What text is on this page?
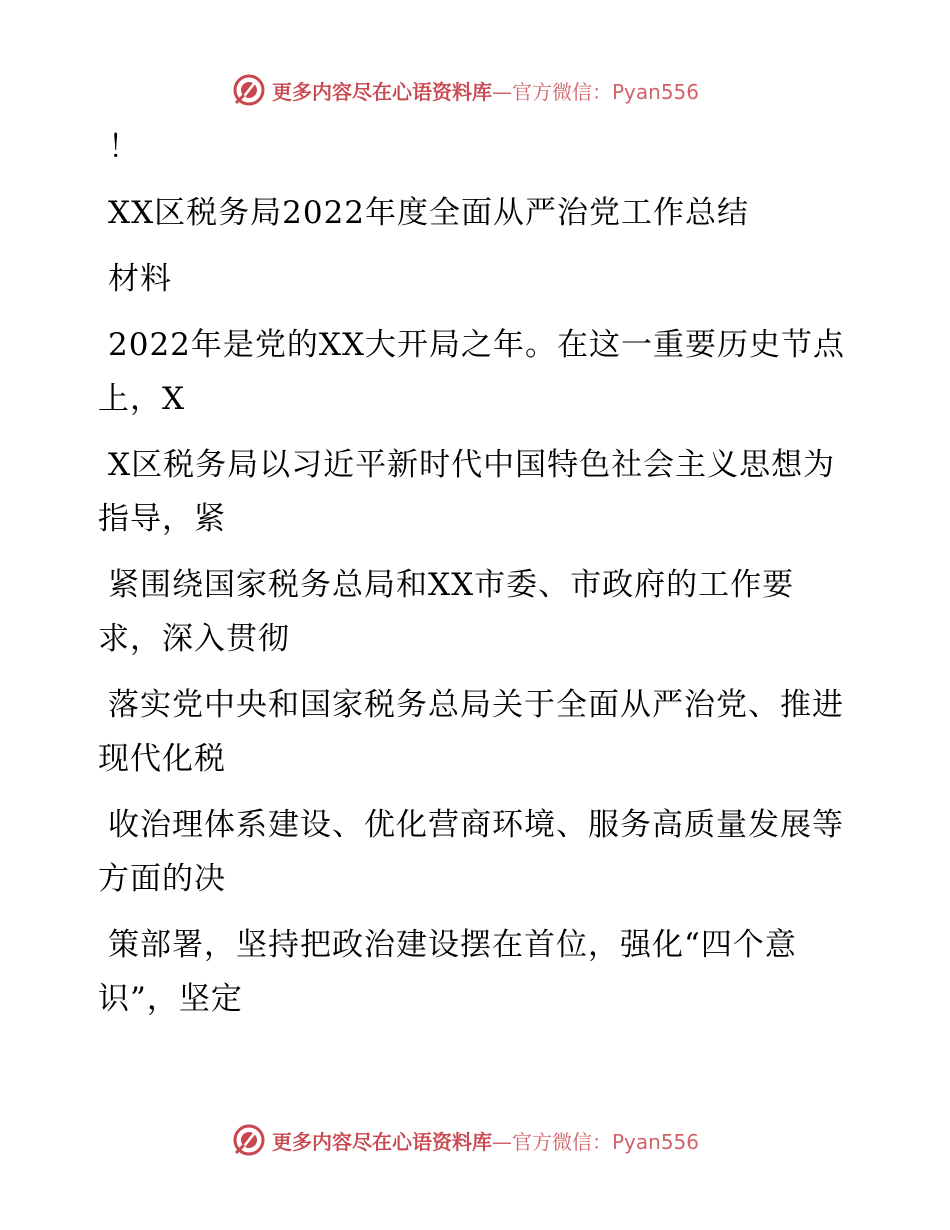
更多内容尽在心语资料库 —官方微信：Pyan556

！

XX区税务局2022年度全面从严治党工作总结

材料

2022年是党的XX大开局之年。在这一重要历史节点上，X

X区税务局以习近平新时代中国特色社会主义思想为指导，紧

紧围绕国家税务总局和XX市委、市政府的工作要求，深入贯彻

落实党中央和国家税务总局关于全面从严治党、推进现代化税

收治理体系建设、优化营商环境、服务高质量发展等方面的决

策部署，坚持把政治建设摆在首位，强化“四个意识”，坚定

更多内容尽在心语资料库 —官方微信：Pyan556
